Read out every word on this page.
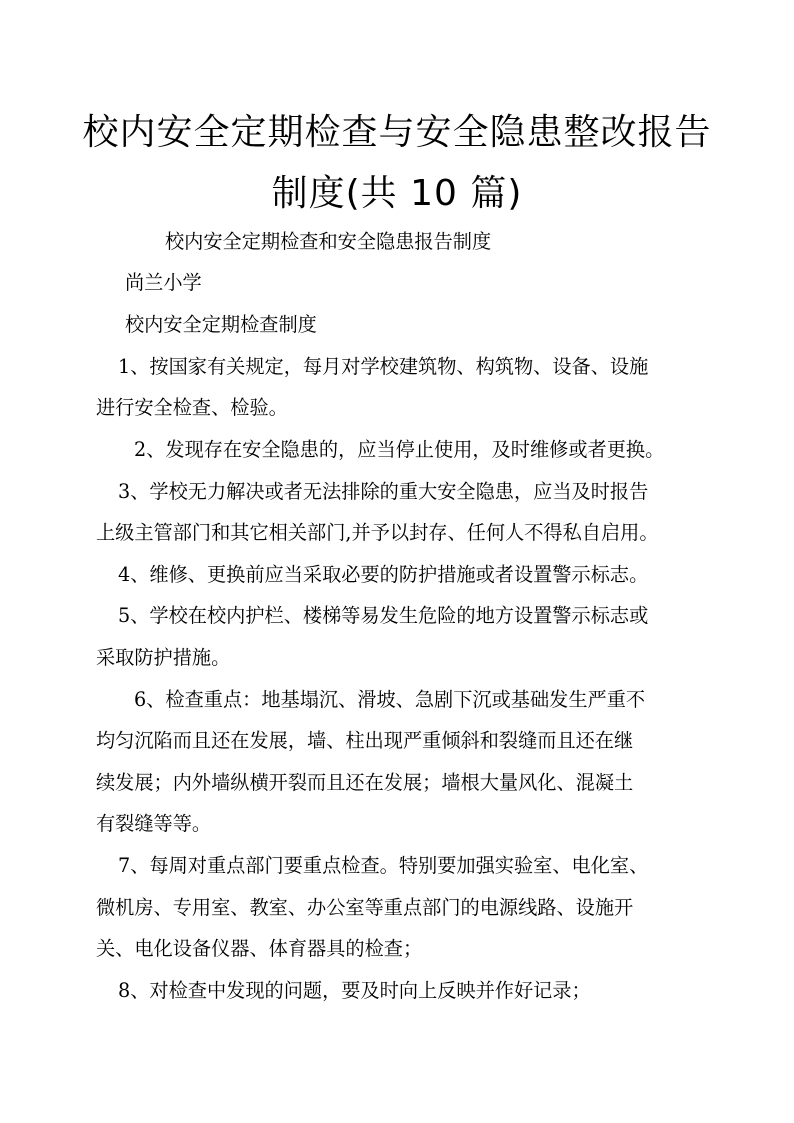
校内安全定期检查与安全隐患整改报告
制度(共 10 篇)
校内安全定期检查和安全隐患报告制度
尚兰小学
校内安全定期检查制度
1、按国家有关规定，每月对学校建筑物、构筑物、设备、设施
进行安全检查、检验。
2、发现存在安全隐患的，应当停止使用，及时维修或者更换。
3、学校无力解决或者无法排除的重大安全隐患，应当及时报告
上级主管部门和其它相关部门,并予以封存、任何人不得私自启用。
4、维修、更换前应当采取必要的防护措施或者设置警示标志。
5、学校在校内护栏、楼梯等易发生危险的地方设置警示标志或
采取防护措施。
6、检查重点：地基塌沉、滑坡、急剧下沉或基础发生严重不
均匀沉陷而且还在发展，墙、柱出现严重倾斜和裂缝而且还在继
续发展；内外墙纵横开裂而且还在发展；墙根大量风化、混凝土
有裂缝等等。
7、每周对重点部门要重点检查。特别要加强实验室、电化室、
微机房、专用室、教室、办公室等重点部门的电源线路、设施开
关、电化设备仪器、体育器具的检查；
8、对检查中发现的问题，要及时向上反映并作好记录；
